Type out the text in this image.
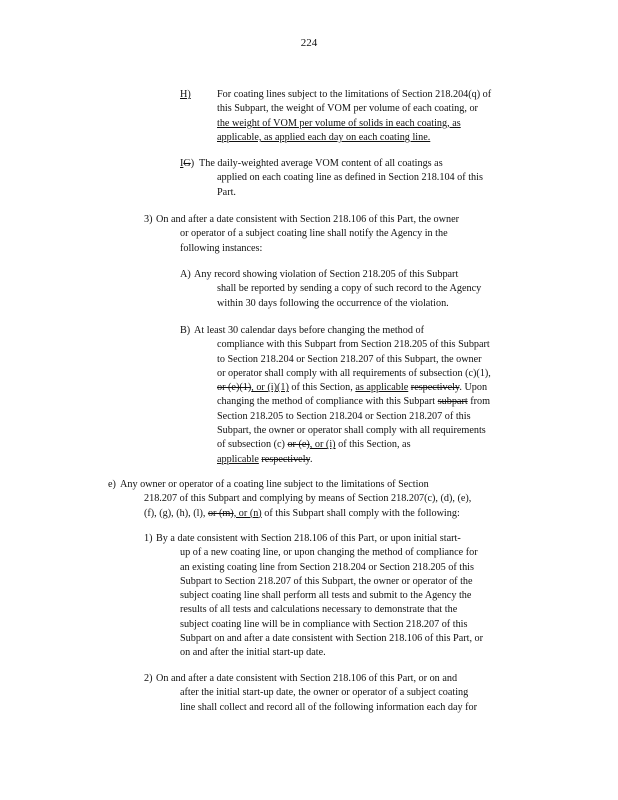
224
H)	For coating lines subject to the limitations of Section 218.204(q) of
this Subpart, the weight of VOM per volume of each coating, or
the weight of VOM per volume of solids in each coating, as
applicable, as applied each day on each coating line.
IG) The daily-weighted average VOM content of all coatings as
applied on each coating line as defined in Section 218.104 of this
Part.
3) On and after a date consistent with Section 218.106 of this Part, the owner
or operator of a subject coating line shall notify the Agency in the
following instances:
A) Any record showing violation of Section 218.205 of this Subpart
shall be reported by sending a copy of such record to the Agency
within 30 days following the occurrence of the violation.
B) At least 30 calendar days before changing the method of
compliance with this Subpart from Section 218.205 of this Subpart
to Section 218.204 or Section 218.207 of this Subpart, the owner
or operator shall comply with all requirements of subsection (c)(1),
or (e)(1), or (i)(1) of this Section, as applicable respectively. Upon
changing the method of compliance with this Subpart subpart from
Section 218.205 to Section 218.204 or Section 218.207 of this
Subpart, the owner or operator shall comply with all requirements
of subsection (c) or (e), or (i) of this Section, as
applicable respectively.
e) Any owner or operator of a coating line subject to the limitations of Section
218.207 of this Subpart and complying by means of Section 218.207(c), (d), (e),
(f), (g), (h), (l), or (m), or (n) of this Subpart shall comply with the following:
1) By a date consistent with Section 218.106 of this Part, or upon initial start-
up of a new coating line, or upon changing the method of compliance for
an existing coating line from Section 218.204 or Section 218.205 of this
Subpart to Section 218.207 of this Subpart, the owner or operator of the
subject coating line shall perform all tests and submit to the Agency the
results of all tests and calculations necessary to demonstrate that the
subject coating line will be in compliance with Section 218.207 of this
Subpart on and after a date consistent with Section 218.106 of this Part, or
on and after the initial start-up date.
2) On and after a date consistent with Section 218.106 of this Part, or on and
after the initial start-up date, the owner or operator of a subject coating
line shall collect and record all of the following information each day for
